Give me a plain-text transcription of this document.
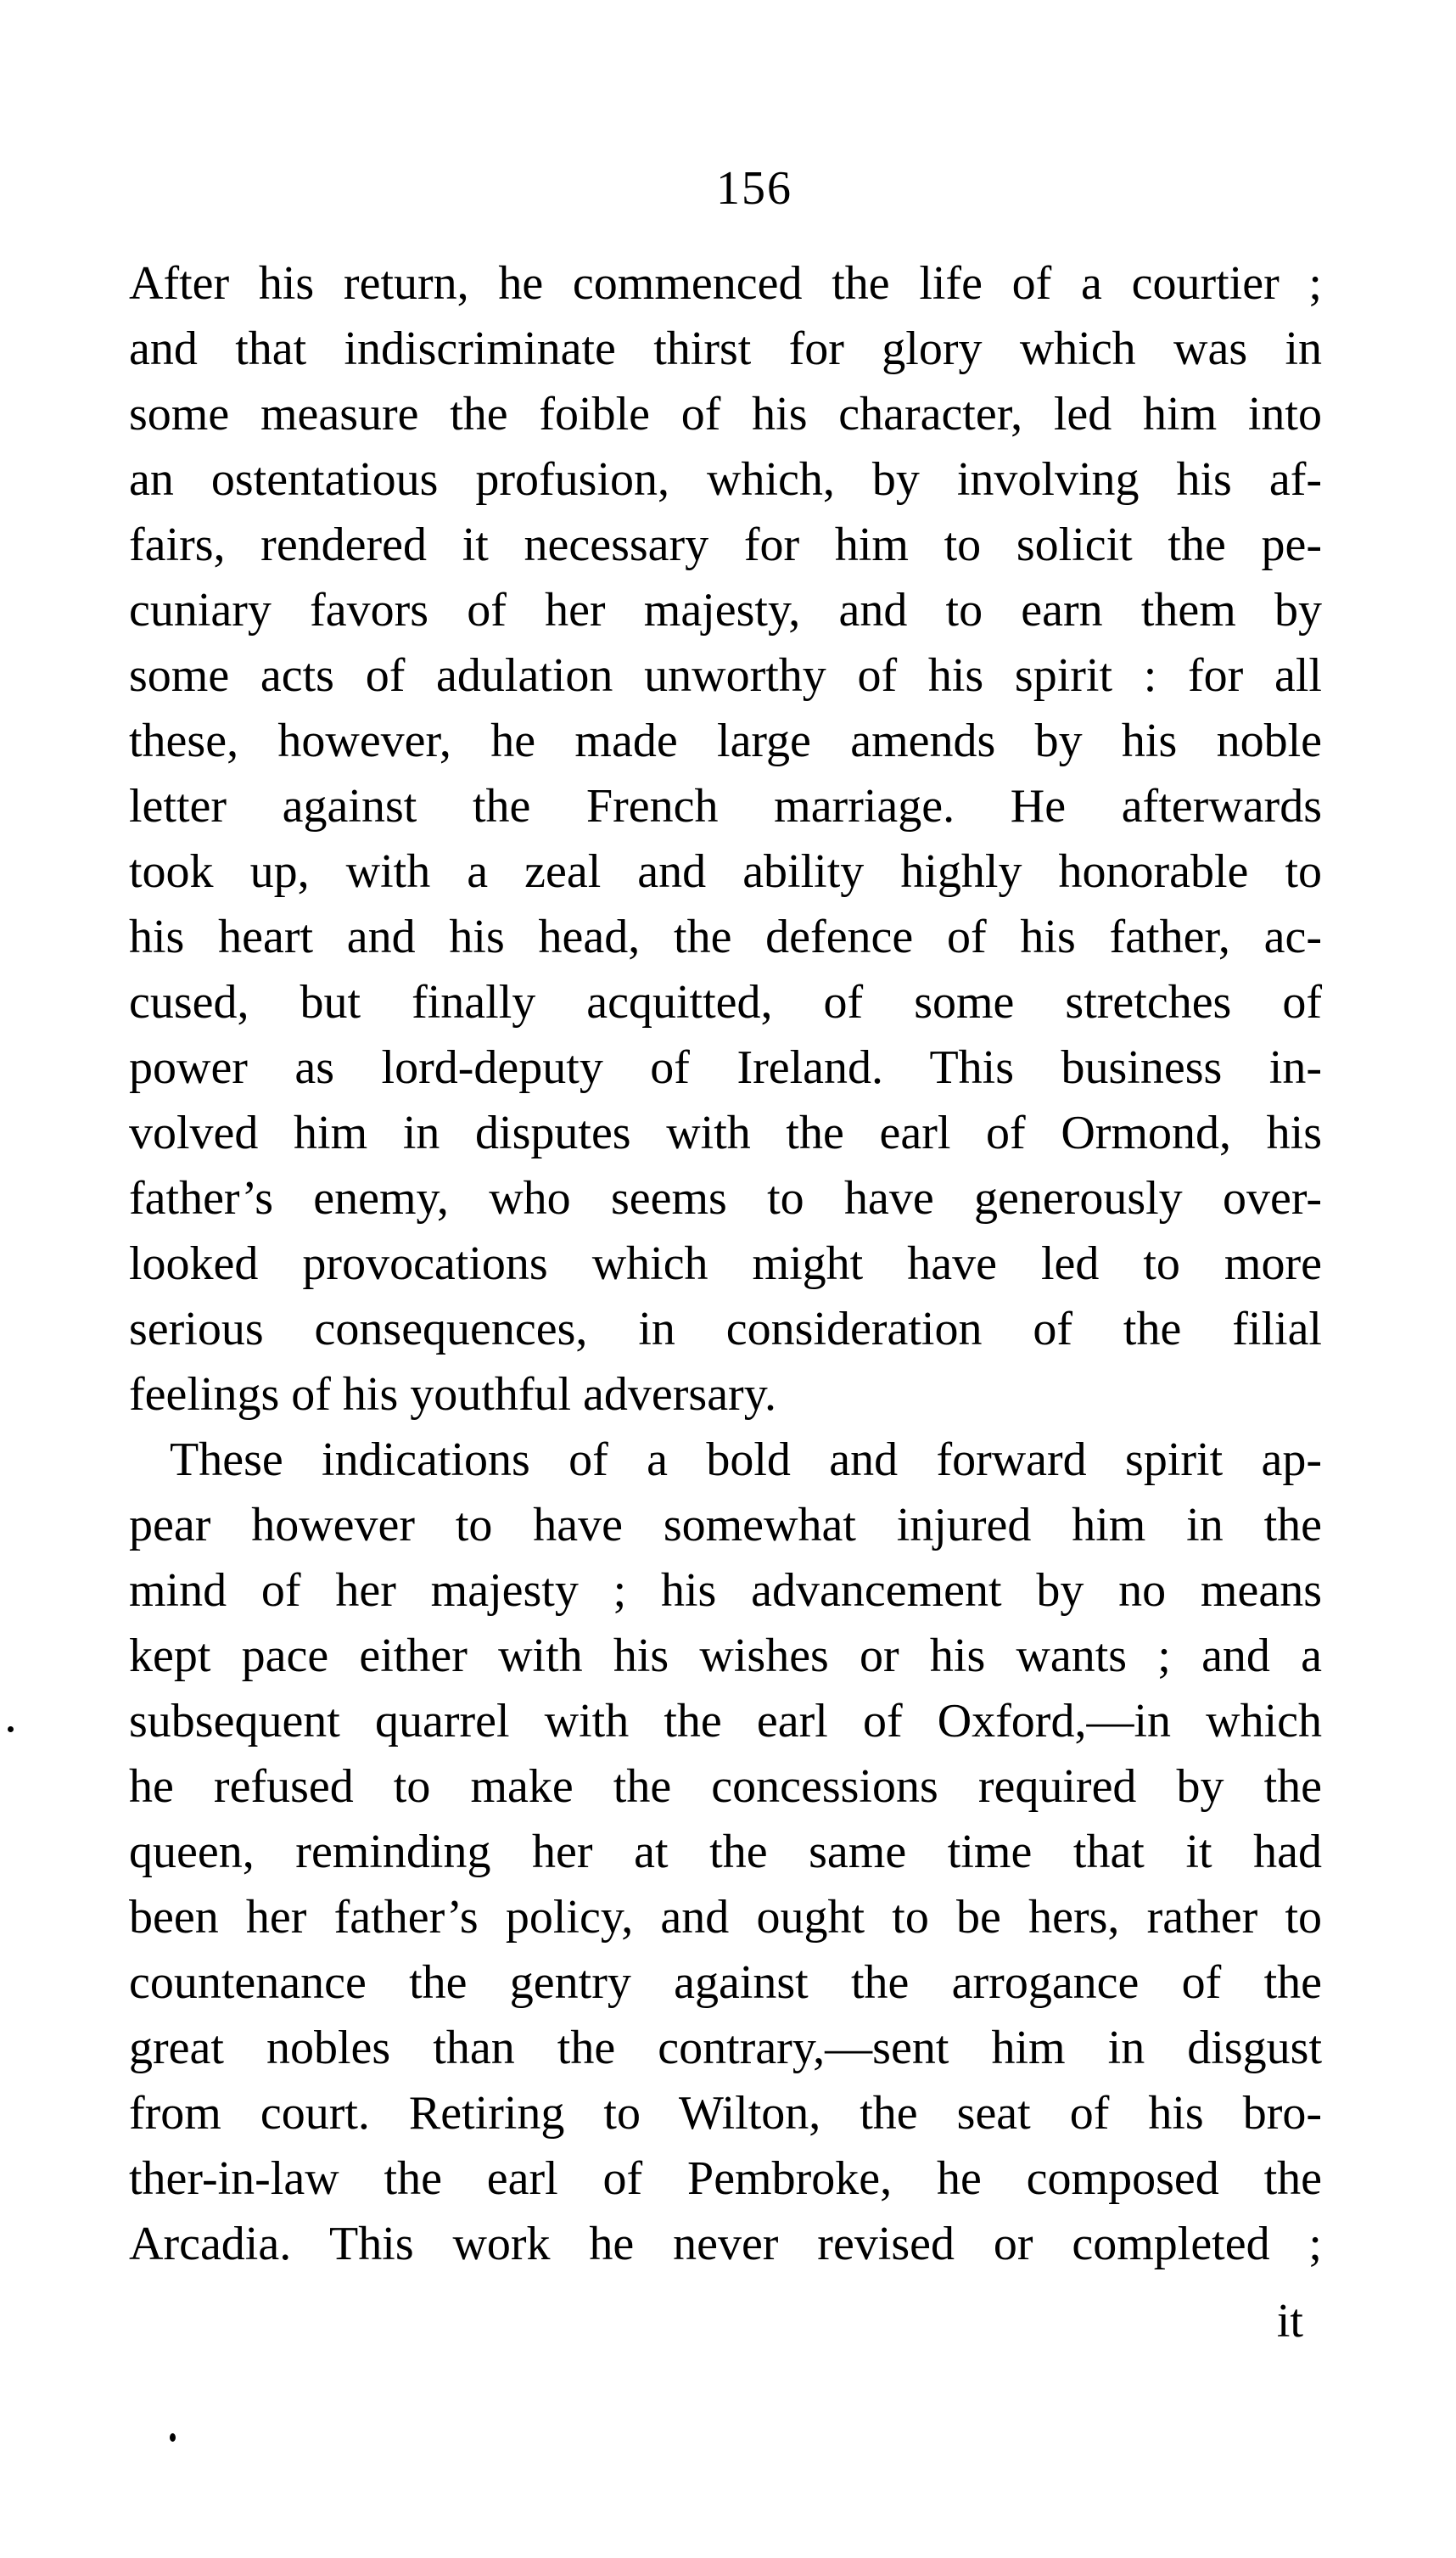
156
After his return, he commenced the life of a courtier ;
and that indiscriminate thirst for glory which was in
some measure the foible of his character, led him into
an ostentatious profusion, which, by involving his af-
fairs, rendered it necessary for him to solicit the pe-
cuniary favors of her majesty, and to earn them by
some acts of adulation unworthy of his spirit : for all
these, however, he made large amends by his noble
letter against the French marriage. He afterwards
took up, with a zeal and ability highly honorable to
his heart and his head, the defence of his father, ac-
cused, but finally acquitted, of some stretches of
power as lord-deputy of Ireland. This business in-
volved him in disputes with the earl of Ormond, his
father’s enemy, who seems to have generously over-
looked provocations which might have led to more
serious consequences, in consideration of the filial
feelings of his youthful adversary.
These indications of a bold and forward spirit ap-
pear however to have somewhat injured him in the
mind of her majesty ; his advancement by no means
kept pace either with his wishes or his wants ; and a
subsequent quarrel with the earl of Oxford,—in which
he refused to make the concessions required by the
queen, reminding her at the same time that it had
been her father’s policy, and ought to be hers, rather to
countenance the gentry against the arrogance of the
great nobles than the contrary,—sent him in disgust
from court. Retiring to Wilton, the seat of his bro-
ther-in-law the earl of Pembroke, he composed the
Arcadia. This work he never revised or completed ;
it
